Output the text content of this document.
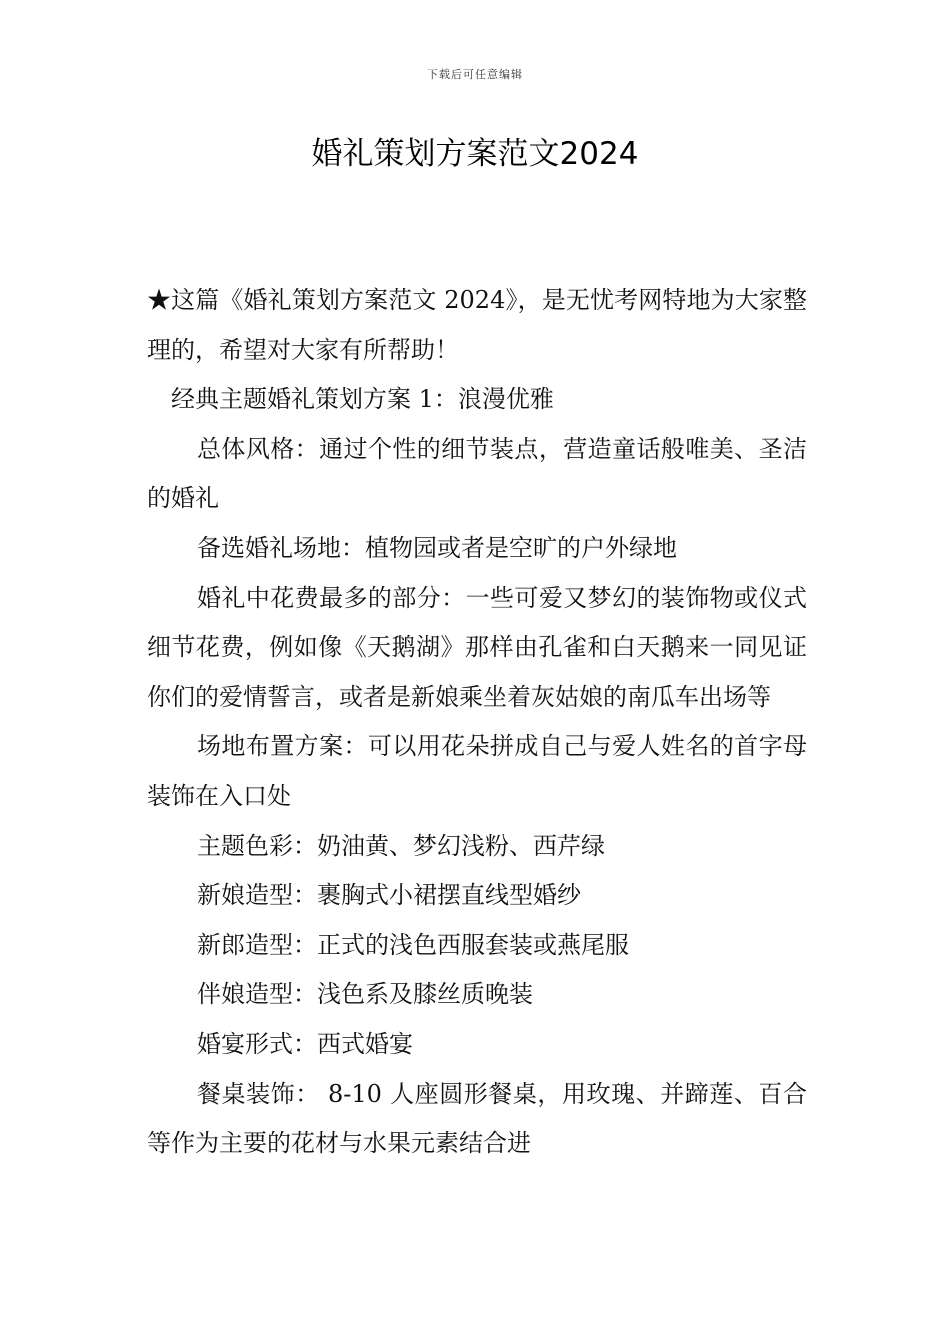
下载后可任意编辑
婚礼策划方案范文2024

★这篇《婚礼策划方案范文 2024》，是无忧考网特地为大家整理的，希望对大家有所帮助！

经典主题婚礼策划方案 1：浪漫优雅

总体风格：通过个性的细节装点，营造童话般唯美、圣洁的婚礼

备选婚礼场地：植物园或者是空旷的户外绿地

婚礼中花费最多的部分：一些可爱又梦幻的装饰物或仪式细节花费，例如像《天鹅湖》那样由孔雀和白天鹅来一同见证你们的爱情誓言，或者是新娘乘坐着灰姑娘的南瓜车出场等

场地布置方案：可以用花朵拼成自己与爱人姓名的首字母装饰在入口处

主题色彩：奶油黄、梦幻浅粉、西芹绿

新娘造型：裹胸式小裙摆直线型婚纱

新郎造型：正式的浅色西服套装或燕尾服

伴娘造型：浅色系及膝丝质晚装

婚宴形式：西式婚宴

餐桌装饰： 8-10 人座圆形餐桌，用玫瑰、并蹄莲、百合等作为主要的花材与水果元素结合进
